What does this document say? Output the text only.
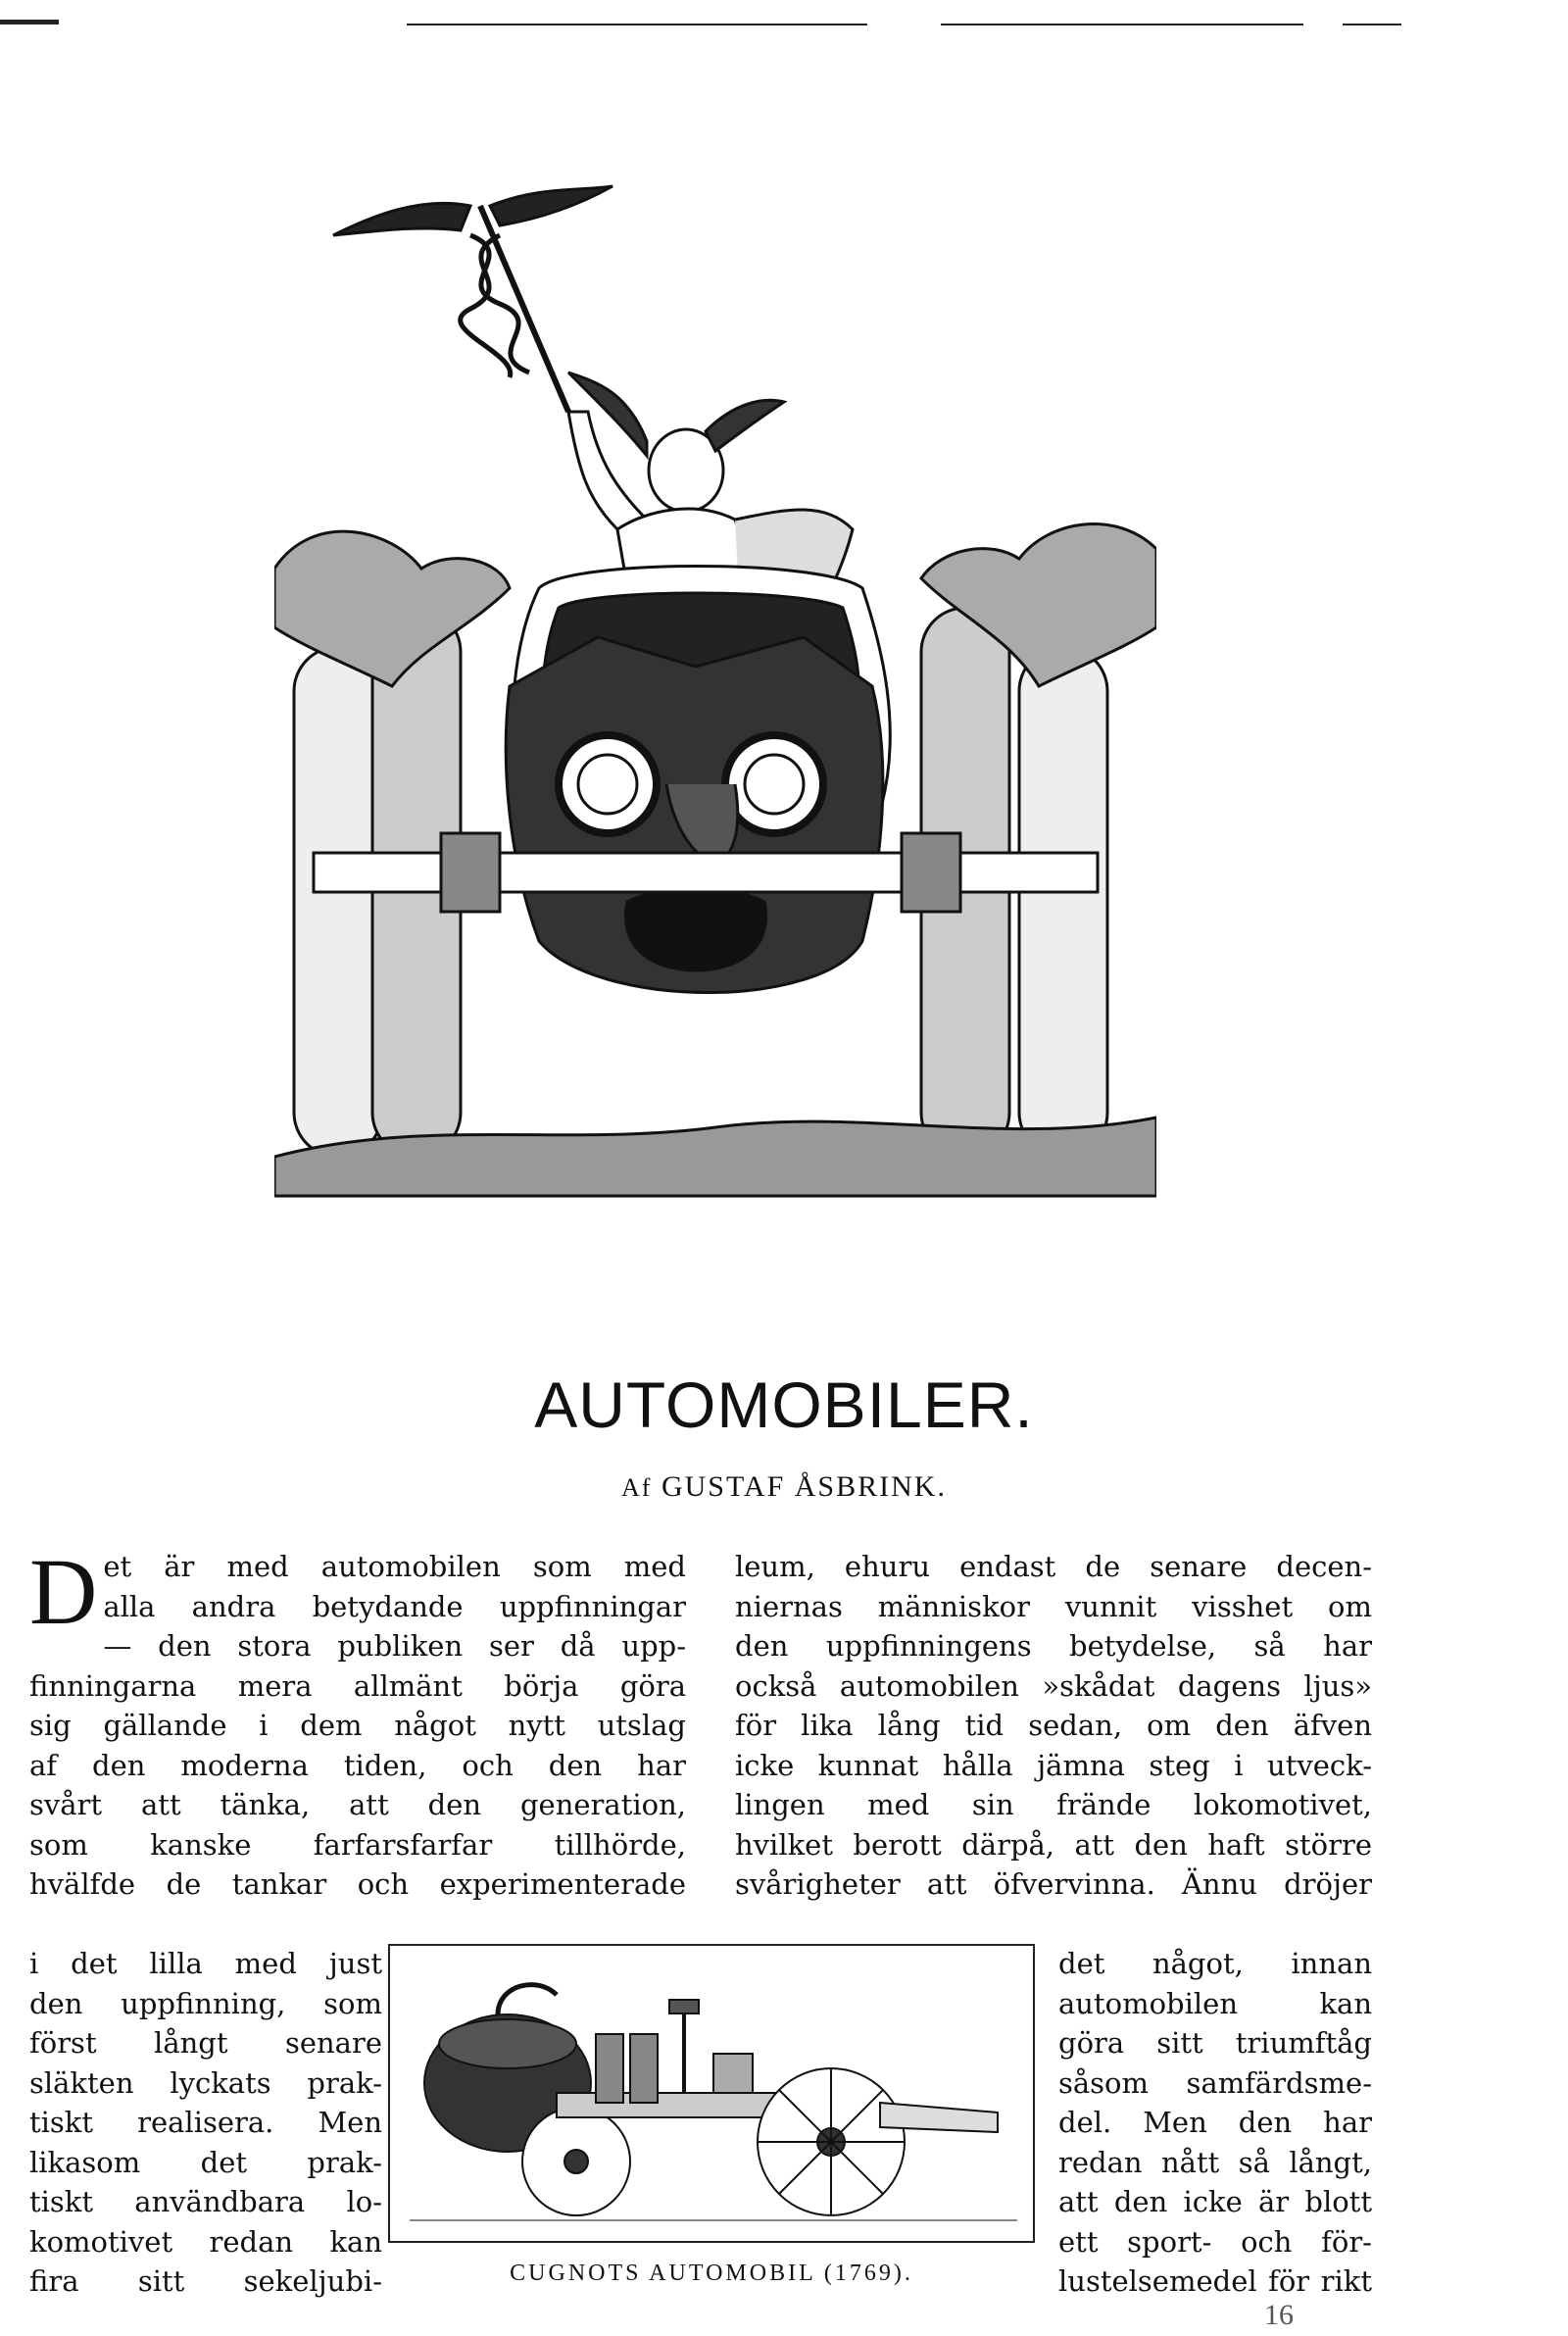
AUTOMOBILER.
Af GUSTAF ÅSBRINK.
D et är med automobilen som med
alla andra betydande uppfinningar
— den stora publiken ser då upp-
finningarna mera allmänt börja göra
sig gällande i dem något nytt utslag
af den moderna tiden, och den har
svårt att tänka, att den generation,
som kanske farfarsfarfar tillhörde,
hvälfde de tankar och experimenterade
leum, ehuru endast de senare decen-
niernas människor vunnit visshet om
den uppfinningens betydelse, så har
också automobilen »skådat dagens ljus»
för lika lång tid sedan, om den äfven
icke kunnat hålla jämna steg i utveck-
lingen med sin frände lokomotivet,
hvilket berott därpå, att den haft större
svårigheter att öfvervinna. Ännu dröjer
i det lilla med just
den uppfinning, som
först långt senare
släkten lyckats prak-
tiskt realisera. Men
likasom det prak-
tiskt användbara lo-
komotivet redan kan
fira sitt sekeljubi-
det något, innan
automobilen kan
göra sitt triumftåg
såsom samfärdsme-
del. Men den har
redan nått så långt,
att den icke är blott
ett sport- och för-
lustelsemedel för rikt
CUGNOTS AUTOMOBIL (1769).
16
